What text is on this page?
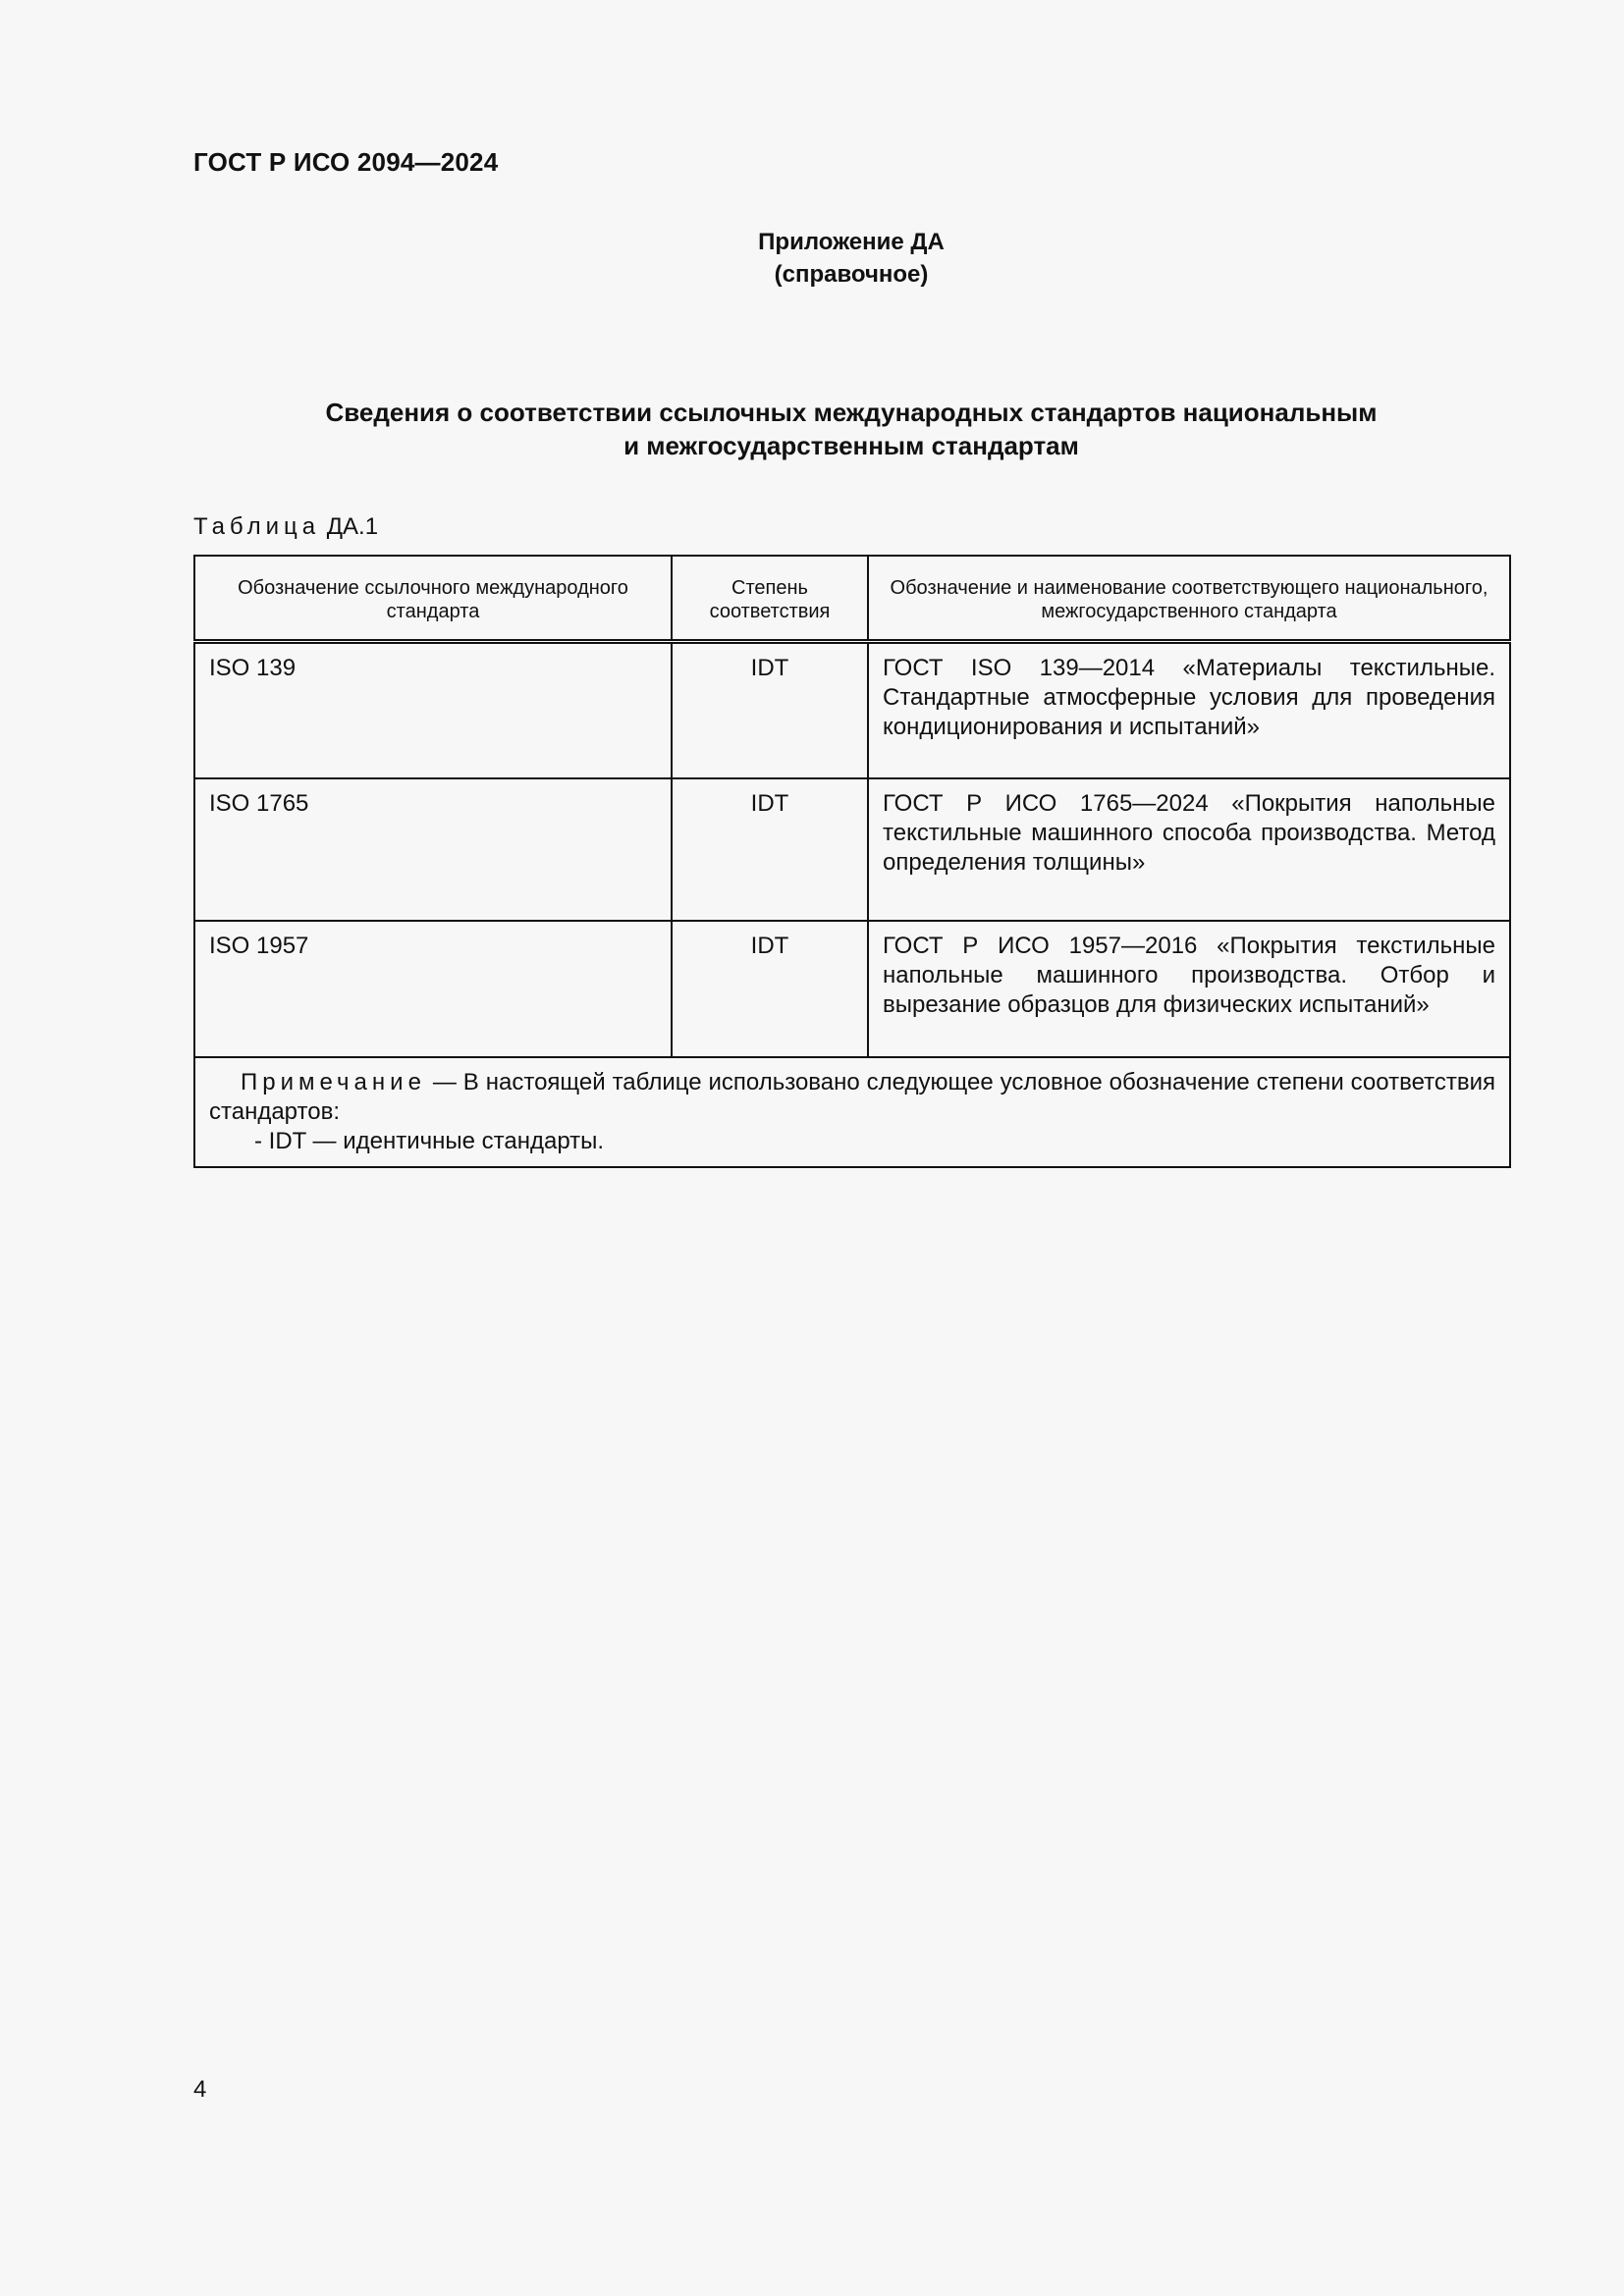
ГОСТ Р ИСО 2094—2024
Приложение ДА
(справочное)
Сведения о соответствии ссылочных международных стандартов национальным
и межгосударственным стандартам
Таблица ДА.1
Обозначение ссылочного международного стандарта	Степень соответствия	Обозначение и наименование соответствующего национального, межгосударственного стандарта
ISO 139	IDT	ГОСТ ISO 139—2014 «Материалы текстильные. Стандартные атмосферные условия для проведения кондиционирования и испытаний»
ISO 1765	IDT	ГОСТ Р ИСО 1765—2024 «Покрытия напольные текстильные машинного способа производства. Метод определения толщины»
ISO 1957	IDT	ГОСТ Р ИСО 1957—2016 «Покрытия текстильные напольные машинного производства. Отбор и вырезание образцов для физических испытаний»
Примечание — В настоящей таблице использовано следующее условное обозначение степени соответствия стандартов:
- IDT — идентичные стандарты.		
4
